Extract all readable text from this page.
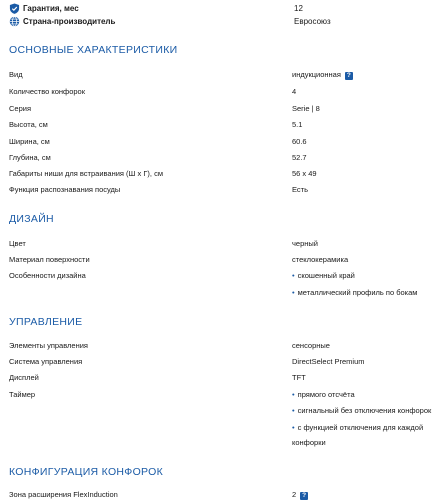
Гарантия, мес	12
Страна-производитель	Евросоюз
ОСНОВНЫЕ ХАРАКТЕРИСТИКИ
Вид	индукционная ?
Количество конфорок	4
Серия	Serie | 8
Высота, см	5.1
Ширина, см	60.6
Глубина, см	52.7
Габариты ниши для встраивания (Ш x Г), см	56 x 49
Функция распознавания посуды	Есть
ДИЗАЙН
Цвет	черный
Материал поверхности	стеклокерамика
Особенности дизайна	• скошенный край
• металлический профиль по бокам
УПРАВЛЕНИЕ
Элементы управления	сенсорные
Система управления	DirectSelect Premium
Дисплей	TFT
Таймер	• прямого отсчёта
• сигнальный без отключения конфорок
• с функцией отключения для каждой
конфорки
КОНФИГУРАЦИЯ КОНФОРОК
Зона расширения FlexInduction	2 ?
